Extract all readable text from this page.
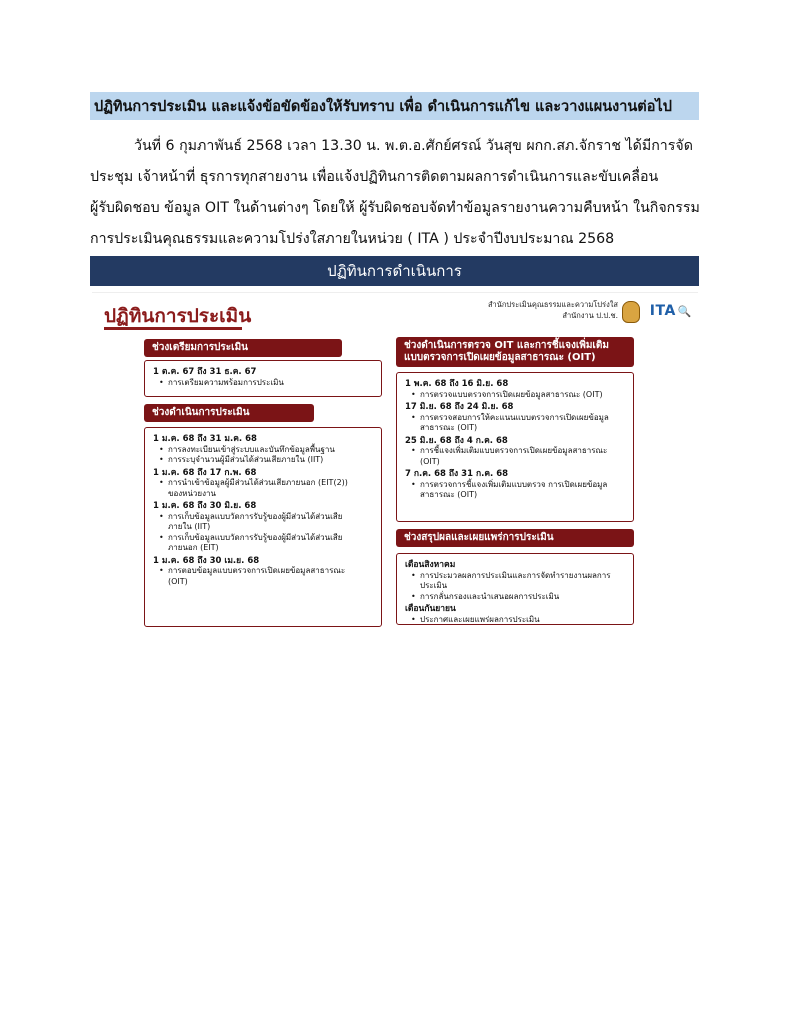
ปฏิทินการประเมิน และแจ้งข้อขัดข้องให้รับทราบ เพื่อ ดำเนินการแก้ไข และวางแผนงานต่อไป
วันที่ 6 กุมภาพันธ์ 2568 เวลา 13.30 น. พ.ต.อ.ศักย์ศรณ์ วันสุข ผกก.สภ.จักราช ได้มีการจัด
ประชุม เจ้าหน้าที่ ธุรการทุกสายงาน เพื่อแจ้งปฏิทินการติดตามผลการดำเนินการและขับเคลื่อน
ผู้รับผิดชอบ ข้อมูล OIT ในด้านต่างๆ โดยให้ ผู้รับผิดชอบจัดทำข้อมูลรายงานความคืบหน้า ในกิจกรรม
การประเมินคุณธรรมและความโปร่งใสภายในหน่วย ( ITA ) ประจำปีงบประมาณ 2568
ปฏิทินการดำเนินการ
ปฏิทินการประเมิน
สำนักประเมินคุณธรรมและความโปร่งใส
สำนักงาน ป.ป.ช. ITA 🔍
ช่วงเตรียมการประเมิน
1 ต.ค. 67 ถึง 31 ธ.ค. 67
• การเตรียมความพร้อมการประเมิน
ช่วงดำเนินการประเมิน
1 ม.ค. 68 ถึง 31 ม.ค. 68
• การลงทะเบียนเข้าสู่ระบบและบันทึกข้อมูลพื้นฐาน
• การระบุจำนวนผู้มีส่วนได้ส่วนเสียภายใน (IIT)
1 ม.ค. 68 ถึง 17 ก.พ. 68
• การนำเข้าข้อมูลผู้มีส่วนได้ส่วนเสียภายนอก (EIT(2))
ของหน่วยงาน
1 ม.ค. 68 ถึง 30 มิ.ย. 68
• การเก็บข้อมูลแบบวัดการรับรู้ของผู้มีส่วนได้ส่วนเสีย
ภายใน (IIT)
• การเก็บข้อมูลแบบวัดการรับรู้ของผู้มีส่วนได้ส่วนเสีย
ภายนอก (EIT)
1 ม.ค. 68 ถึง 30 เม.ย. 68
• การตอบข้อมูลแบบตรวจการเปิดเผยข้อมูลสาธารณะ
(OIT)
ช่วงดำเนินการตรวจ OIT และการชี้แจงเพิ่มเติม
แบบตรวจการเปิดเผยข้อมูลสาธารณะ (OIT)
1 พ.ค. 68 ถึง 16 มิ.ย. 68
• การตรวจแบบตรวจการเปิดเผยข้อมูลสาธารณะ (OIT)
17 มิ.ย. 68 ถึง 24 มิ.ย. 68
• การตรวจสอบการให้คะแนนแบบตรวจการเปิดเผยข้อมูล
สาธารณะ (OIT)
25 มิ.ย. 68 ถึง 4 ก.ค. 68
• การชี้แจงเพิ่มเติมแบบตรวจการเปิดเผยข้อมูลสาธารณะ
(OIT)
7 ก.ค. 68 ถึง 31 ก.ค. 68
• การตรวจการชี้แจงเพิ่มเติมแบบตรวจ การเปิดเผยข้อมูล
สาธารณะ (OIT)
ช่วงสรุปผลและเผยแพร่การประเมิน
เดือนสิงหาคม
• การประมวลผลการประเมินและการจัดทำรายงานผลการประเมิน
• การกลั่นกรองและนำเสนอผลการประเมิน
เดือนกันยายน
• ประกาศและเผยแพร่ผลการประเมิน
